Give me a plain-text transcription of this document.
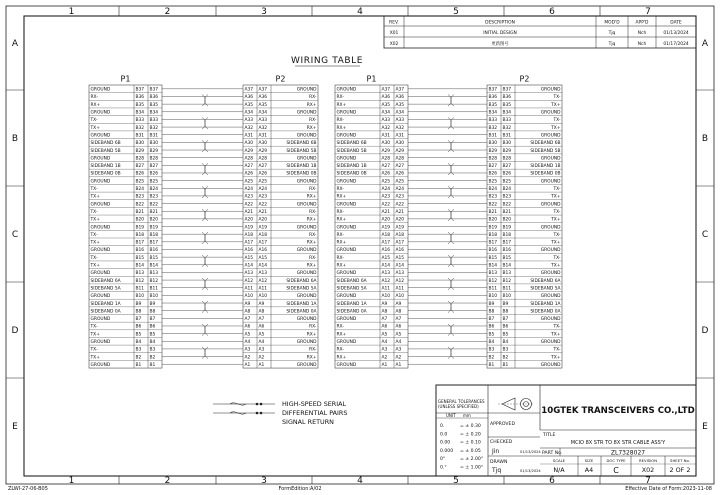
1
1
2
2
3
3
4
4
5
5
6
6
7
7
A	A
B	B
C	C
D	D
E	E
REV.	DESCRIPTION	MOD'D	APP'D	DATE
X01	INITIAL DESIGN	Tjq	Nch	01/13/2024
X02	更新图号	Tjq	Nch	01/17/2024
WIRING TABLE
P1	P2
GROUND	B37 B37	A37 A37	GROUND
RX-	B36 B36	A36 A36	RX-
RX+	B35 B35	A35 A35	RX+
GROUND	B34 B34	A34 A34	GROUND
TX-	B33 B33	A33 A33	RX-
TX+	B32 B32	A32 A32	RX+
GROUND	B31 B31	A31 A31	GROUND
SIDEBAND 6B	B30 B30	A30 A30	SIDEBAND 6B
SIDEBAND 5B	B29 B29	A29 A29	SIDEBAND 5B
GROUND	B28 B28	A28 A28	GROUND
SIDEBAND 1B	B27 B27	A27 A27	SIDEBAND 1B
SIDEBAND 0B	B26 B26	A26 A26	SIDEBAND 0B
GROUND	B25 B25	A25 A25	GROUND
TX-	B24 B24	A24 A24	RX-
TX+	B23 B23	A23 A23	RX+
GROUND	B22 B22	A22 A22	GROUND
TX-	B21 B21	A21 A21	RX-
TX+	B20 B20	A20 A20	RX+
GROUND	B19 B19	A19 A19	GROUND
TX-	B18 B18	A18 A18	RX-
TX+	B17 B17	A17 A17	RX+
GROUND	B16 B16	A16 A16	GROUND
TX-	B15 B15	A15 A15	RX-
TX+	B14 B14	A14 A14	RX+
GROUND	B13 B13	A13 A13	GROUND
SIDEBAND 6A	B12 B12	A12 A12	SIDEBAND 6A
SIDEBAND 5A	B11 B11	A11 A11	SIDEBAND 5A
GROUND	B10 B10	A10 A10	GROUND
SIDEBAND 1A	B9 B9	A9 A9	SIDEBAND 1A
SIDEBAND 0A	B8 B8	A8 A8	SIDEBAND 0A
GROUND	B7 B7	A7 A7	GROUND
TX-	B6 B6	A6 A6	RX-
TX+	B5 B5	A5 A5	RX+
GROUND	B4 B4	A4 A4	GROUND
TX-	B3 B3	A3 A3	RX-
TX+	B2 B2	A2 A2	RX+
GROUND	B1 B1	A1 A1	GROUND
P1	P2
GROUND	A37 A37	B37 B37	GROUND
RX-	A36 A36	B36 B36	TX-
RX+	A35 A35	B35 B35	TX+
GROUND	A34 A34	B34 B34	GROUND
RX-	A33 A33	B33 B33	TX-
RX+	A32 A32	B32 B32	TX+
GROUND	A31 A31	B31 B31	GROUND
SIDEBAND 6B	A30 A30	B30 B30	SIDEBAND 6B
SIDEBAND 5B	A29 A29	B29 B29	SIDEBAND 5B
GROUND	A28 A28	B28 B28	GROUND
SIDEBAND 1B	A27 A27	B27 B27	SIDEBAND 1B
SIDEBAND 0B	A26 A26	B26 B26	SIDEBAND 0B
GROUND	A25 A25	B25 B25	GROUND
RX-	A24 A24	B24 B24	TX-
RX+	A23 A23	B23 B23	TX+
GROUND	A22 A22	B22 B22	GROUND
RX-	A21 A21	B21 B21	TX-
RX+	A20 A20	B20 B20	TX+
GROUND	A19 A19	B19 B19	GROUND
RX-	A18 A18	B18 B18	TX-
RX+	A17 A17	B17 B17	TX+
GROUND	A16 A16	B16 B16	GROUND
RX-	A15 A15	B15 B15	TX-
RX+	A14 A14	B14 B14	TX+
GROUND	A13 A13	B13 B13	GROUND
SIDEBAND 6A	A12 A12	B12 B12	SIDEBAND 6A
SIDEBAND 5A	A11 A11	B11 B11	SIDEBAND 5A
GROUND	A10 A10	B10 B10	GROUND
SIDEBAND 1A	A9 A9	B9 B9	SIDEBAND 1A
SIDEBAND 0A	A8 A8	B8 B8	SIDEBAND 0A
GROUND	A7 A7	B7 B7	GROUND
RX-	A6 A6	B6 B6	TX-
RX+	A5 A5	B5 B5	TX+
GROUND	A4 A4	B4 B4	GROUND
RX-	A3 A3	B3 B3	TX-
RX+	A2 A2	B2 B2	TX+
GROUND	A1 A1	B1 B1	GROUND
HIGH-SPEED SERIAL
DIFFERENTIAL PAIRS
SIGNAL RETURN
GENERAL TOLERANCES
(UNLESS SPECIFIED)
UNIT mm
0.	= ± 0.30
0.0	= ± 0.20
0.00 = ± 0.10
0.000 = ± 0.05
0°	= ± 2.00°
0.°	= ± 1.00°
APPROVED
CHECKED
Jin	01/13/2024
DRAWN
Tjq	01/13/2024
10GTEK TRANSCEIVERS CO.,LTD
TITLE
MCIO 8X STR TO 8X STR CABLE ASS'Y
PART No.	ZL7328027
SCALE
N/A
SIZE
A4
DOC TYPE
C
REVISION
X02
SHEET No.
2 OF 2
ZLWI-27-06-B05	FormEdition:A/02	Effective Date of Form:2023-11-08
